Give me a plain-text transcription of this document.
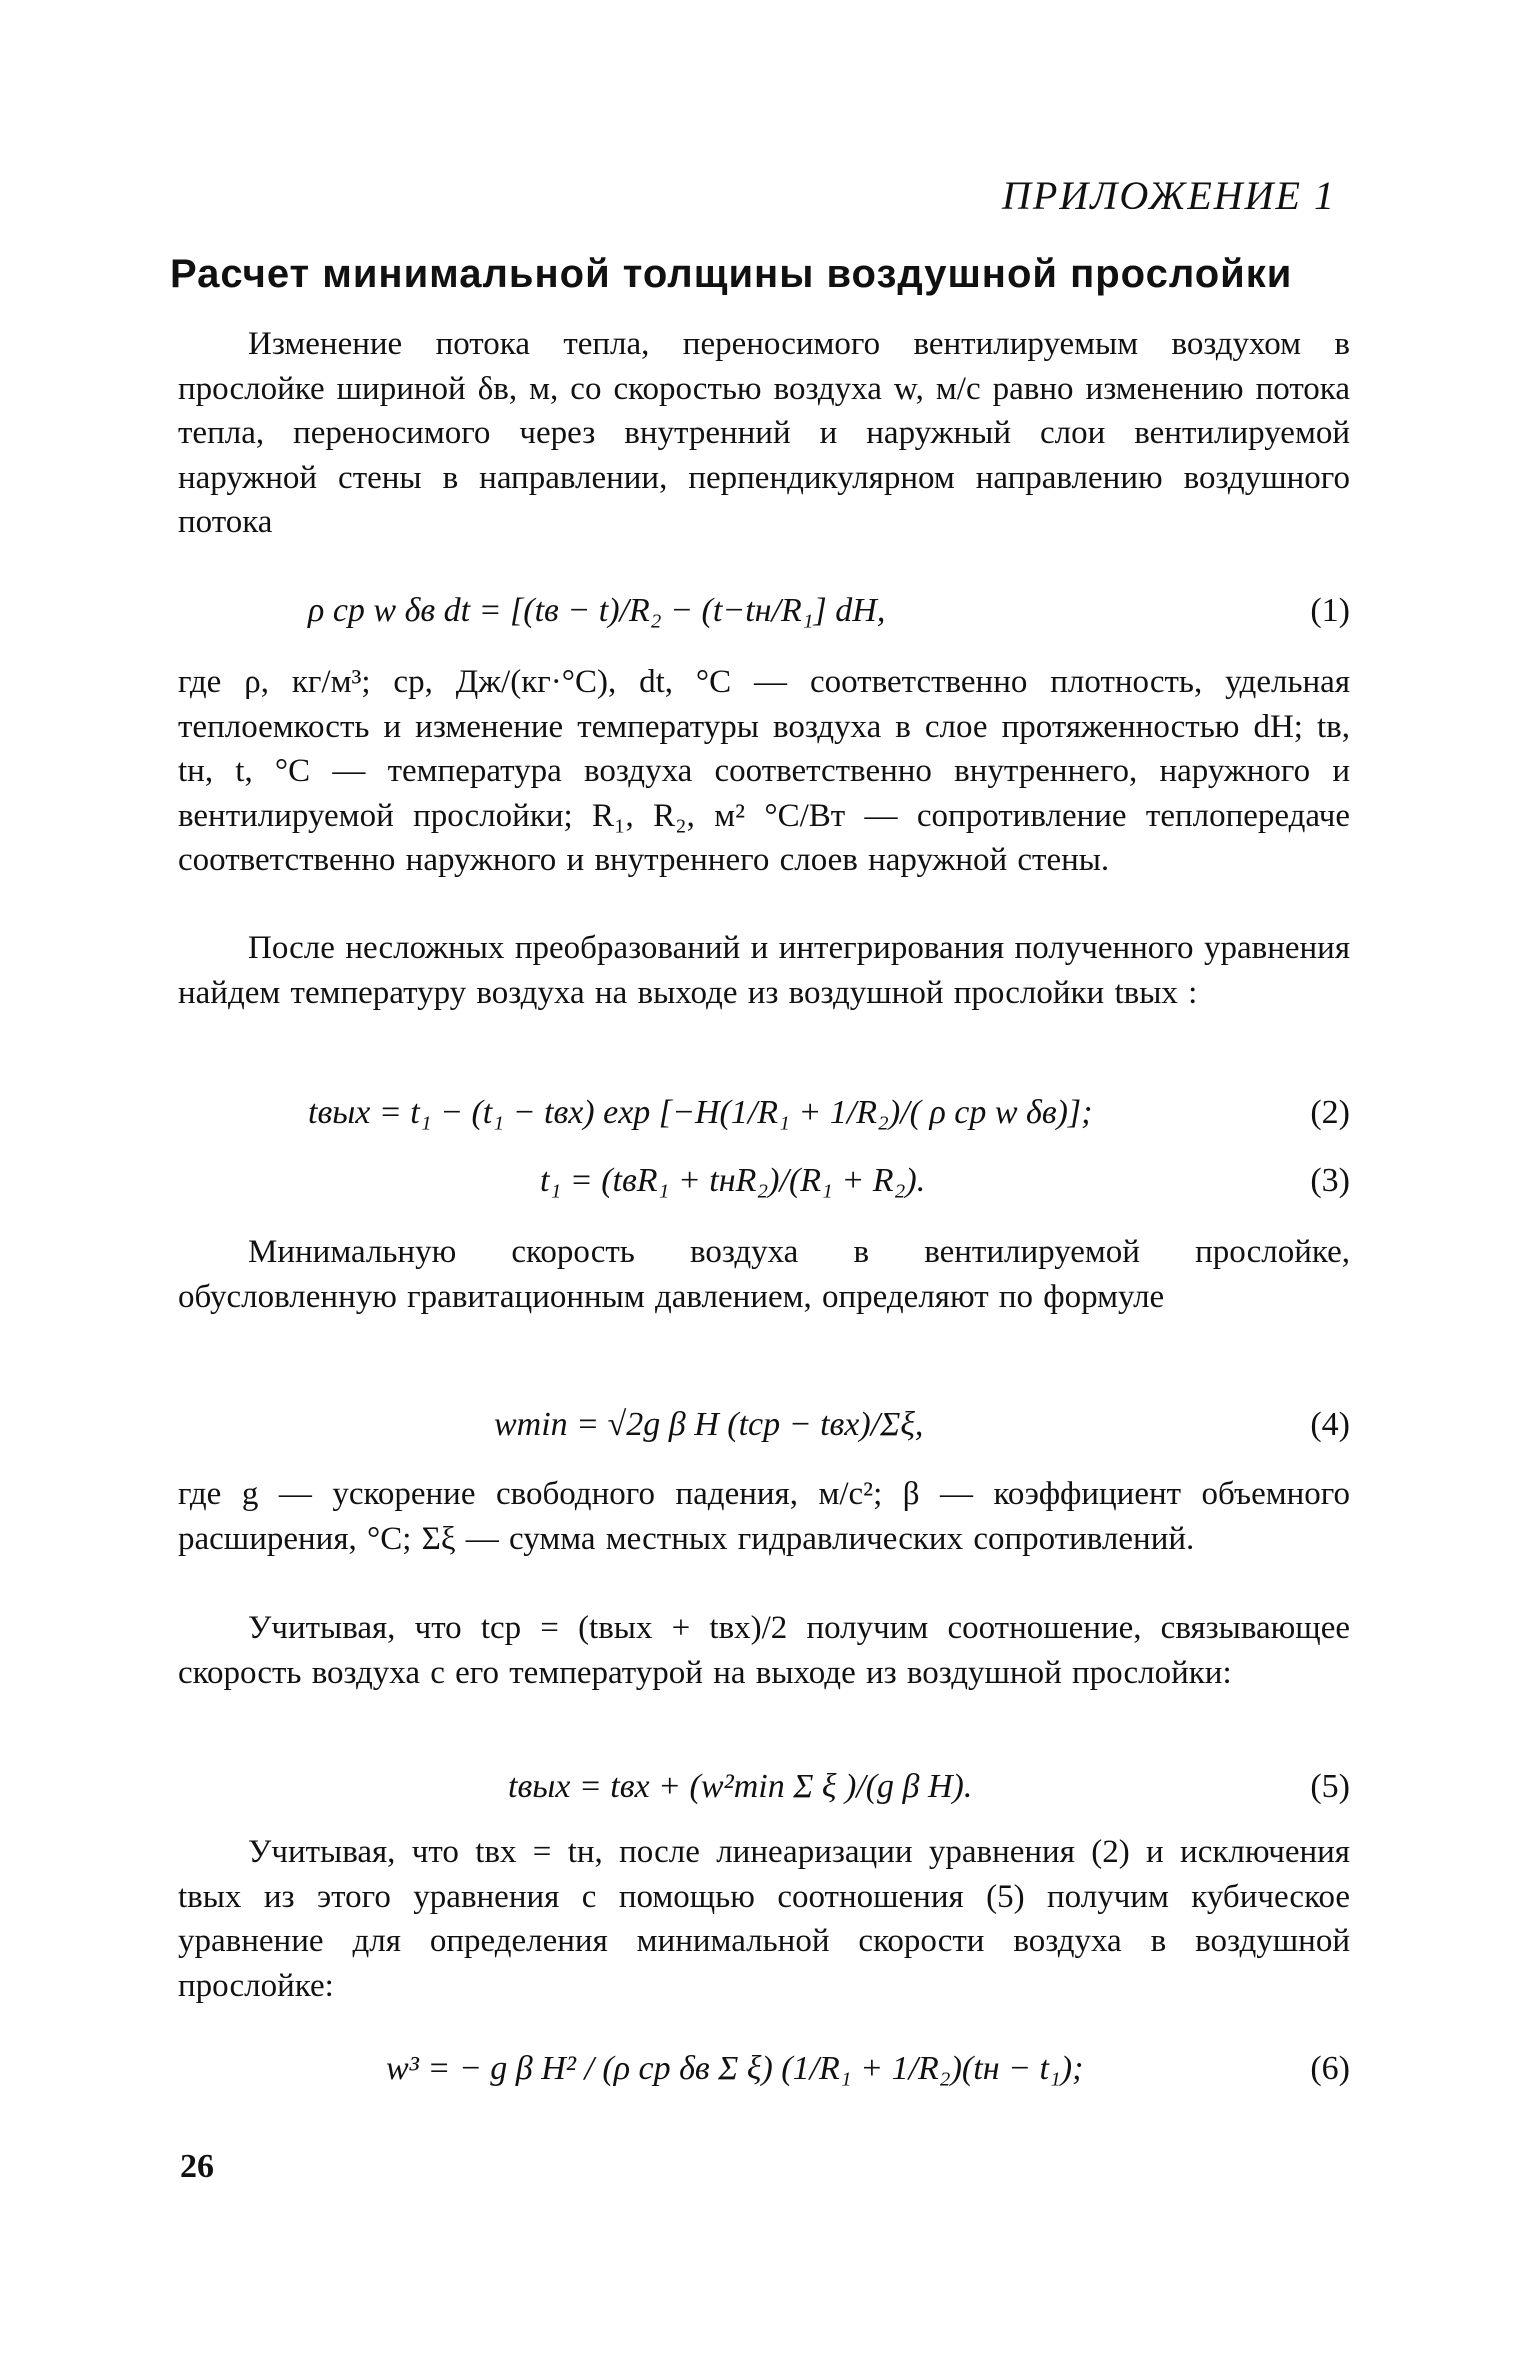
ПРИЛОЖЕНИЕ 1
Расчет минимальной толщины воздушной прослойки

Изменение потока тепла, переносимого вентилируемым воздухом в прослойке шириной δв, м, со скоростью воздуха w, м/с равно изменению потока тепла, переносимого через внутренний и наружный слои вентилируемой наружной стены в направлении, перпендикулярном направлению воздушного потока

ρ cр w δв dt = [(tв − t)/R₂ − (t−tн/R₁] dH,	(1)

где ρ, кг/м³; cр, Дж/(кг·°С), dt, °С — соответственно плотность, удельная теплоемкость и изменение температуры воздуха в слое протяженностью dH; tв, tн, t, °С — температура воздуха соответственно внутреннего, наружного и вентилируемой прослойки; R₁, R₂, м² °С/Вт — сопротивление теплопередаче соответственно наружного и внутреннего слоев наружной стены.

После несложных преобразований и интегрирования полученного уравнения найдем температуру воздуха на выходе из воздушной прослойки tвых :

tвых = t₁ − (t₁ − tвх) exp [−H(1/R₁ + 1/R₂)/( ρ cр w δв)];	(2)
t₁ = (tвR₁ + tнR₂)/(R₁ + R₂).	(3)

Минимальную скорость воздуха в вентилируемой прослойке, обусловленную гравитационным давлением, определяют по формуле

wmin = √2g β H (tср − tвх)/Σξ,	(4)

где g — ускорение свободного падения, м/с²; β — коэффициент объемного расширения, °С; Σξ — сумма местных гидравлических сопротивлений.

Учитывая, что tср = (tвых + tвх)/2 получим соотношение, связывающее скорость воздуха с его температурой на выходе из воздушной прослойки:

tвых = tвх + (w²min Σ ξ )/(g β H).	(5)

Учитывая, что tвх = tн, после линеаризации уравнения (2) и исключения tвых из этого уравнения с помощью соотношения (5) получим кубическое уравнение для определения минимальной скорости воздуха в воздушной прослойке:

w³ = − g β H² / (ρ cр δв Σ ξ) (1/R₁ + 1/R₂)(tн − t₁);	(6)
26
